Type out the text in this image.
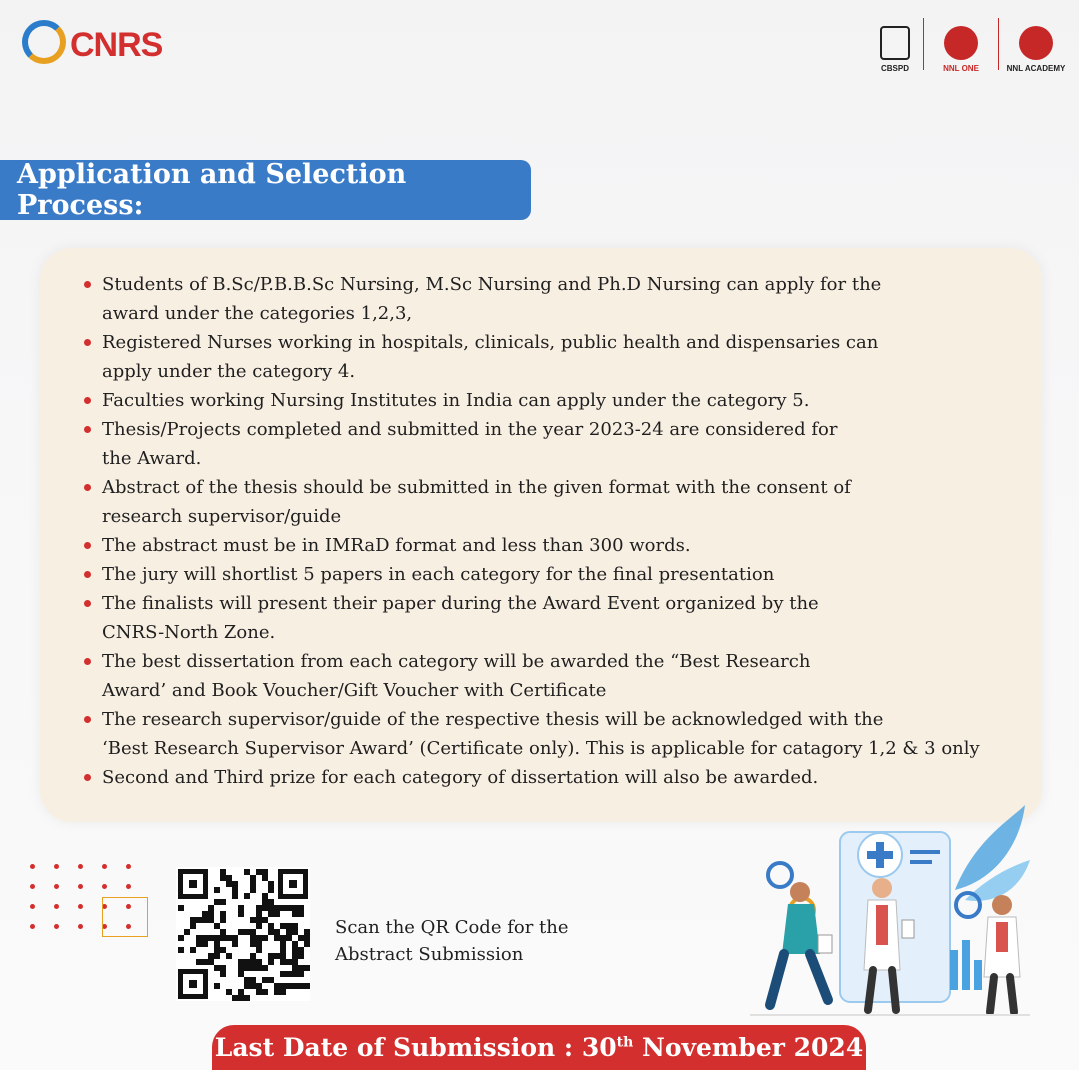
CNRS
CBSPD	NNL ONE	NNL ACADEMY
Application and Selection Process:
Students of B.Sc/P.B.B.Sc Nursing, M.Sc Nursing and Ph.D Nursing can apply for the
award under the categories 1,2,3,
Registered Nurses working in hospitals, clinicals, public health and dispensaries can
apply under the category 4.
Faculties working Nursing Institutes in India can apply under the category 5.
Thesis/Projects completed and submitted in the year 2023-24 are considered for
the Award.
Abstract of the thesis should be submitted in the given format with the consent of
research supervisor/guide
The abstract must be in IMRaD format and less than 300 words.
The jury will shortlist 5 papers in each category for the final presentation
The finalists will present their paper during the Award Event organized by the
CNRS-North Zone.
The best dissertation from each category will be awarded the “Best Research
Award’ and Book Voucher/Gift Voucher with Certificate
The research supervisor/guide of the respective thesis will be acknowledged with the
‘Best Research Supervisor Award’ (Certificate only). This is applicable for catagory 1,2 & 3 only
Second and Third prize for each category of dissertation will also be awarded.
Scan the QR Code for the
Abstract Submission
Last Date of Submission : 30th November 2024
